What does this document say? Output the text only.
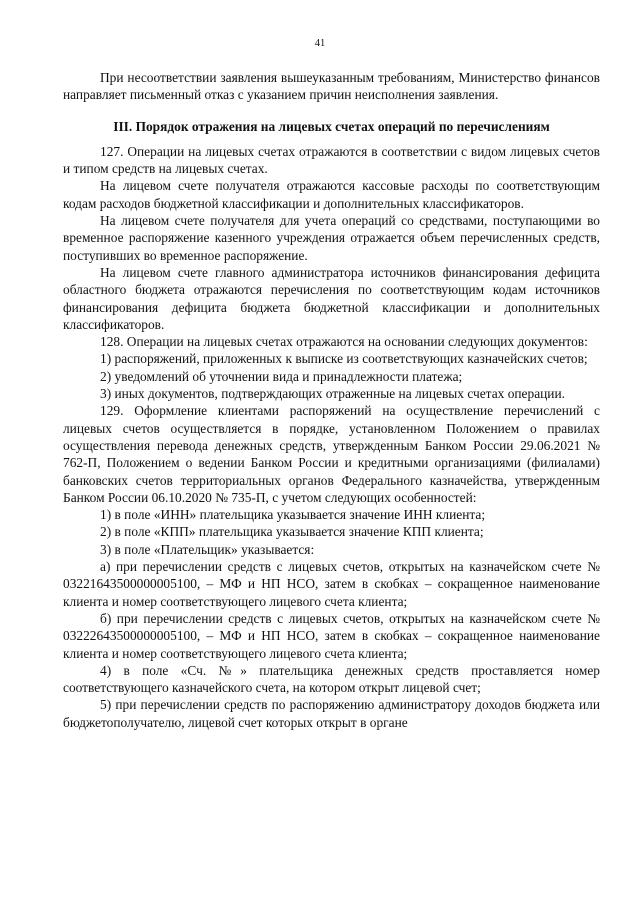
41

При несоответствии заявления вышеуказанным требованиям, Министерство финансов направляет письменный отказ с указанием причин неисполнения заявления.

III. Порядок отражения на лицевых счетах операций по перечислениям

127. Операции на лицевых счетах отражаются в соответствии с видом лицевых счетов и типом средств на лицевых счетах.

На лицевом счете получателя отражаются кассовые расходы по соответствующим кодам расходов бюджетной классификации и дополнительных классификаторов.

На лицевом счете получателя для учета операций со средствами, поступающими во временное распоряжение казенного учреждения отражается объем перечисленных средств, поступивших во временное распоряжение.

На лицевом счете главного администратора источников финансирования дефицита областного бюджета отражаются перечисления по соответствующим кодам источников финансирования дефицита бюджета бюджетной классификации и дополнительных классификаторов.

128. Операции на лицевых счетах отражаются на основании следующих документов:

1) распоряжений, приложенных к выписке из соответствующих казначейских счетов;

2) уведомлений об уточнении вида и принадлежности платежа;

3) иных документов, подтверждающих отраженные на лицевых счетах операции.

129. Оформление клиентами распоряжений на осуществление перечислений с лицевых счетов осуществляется в порядке, установленном Положением о правилах осуществления перевода денежных средств, утвержденным Банком России 29.06.2021 № 762-П, Положением о ведении Банком России и кредитными организациями (филиалами) банковских счетов территориальных органов Федерального казначейства, утвержденным Банком России 06.10.2020 № 735-П, с учетом следующих особенностей:

1) в поле «ИНН» плательщика указывается значение ИНН клиента;

2) в поле «КПП» плательщика указывается значение КПП клиента;

3) в поле «Плательщик» указывается:

а) при перечислении средств с лицевых счетов, открытых на казначейском счете № 03221643500000005100, – МФ и НП НСО, затем в скобках – сокращенное наименование клиента и номер соответствующего лицевого счета клиента;

б) при перечислении средств с лицевых счетов, открытых на казначейском счете № 03222643500000005100, – МФ и НП НСО, затем в скобках – сокращенное наименование клиента и номер соответствующего лицевого счета клиента;

4) в поле «Сч. №» плательщика денежных средств проставляется номер соответствующего казначейского счета, на котором открыт лицевой счет;

5) при перечислении средств по распоряжению администратору доходов бюджета или бюджетополучателю, лицевой счет которых открыт в органе
